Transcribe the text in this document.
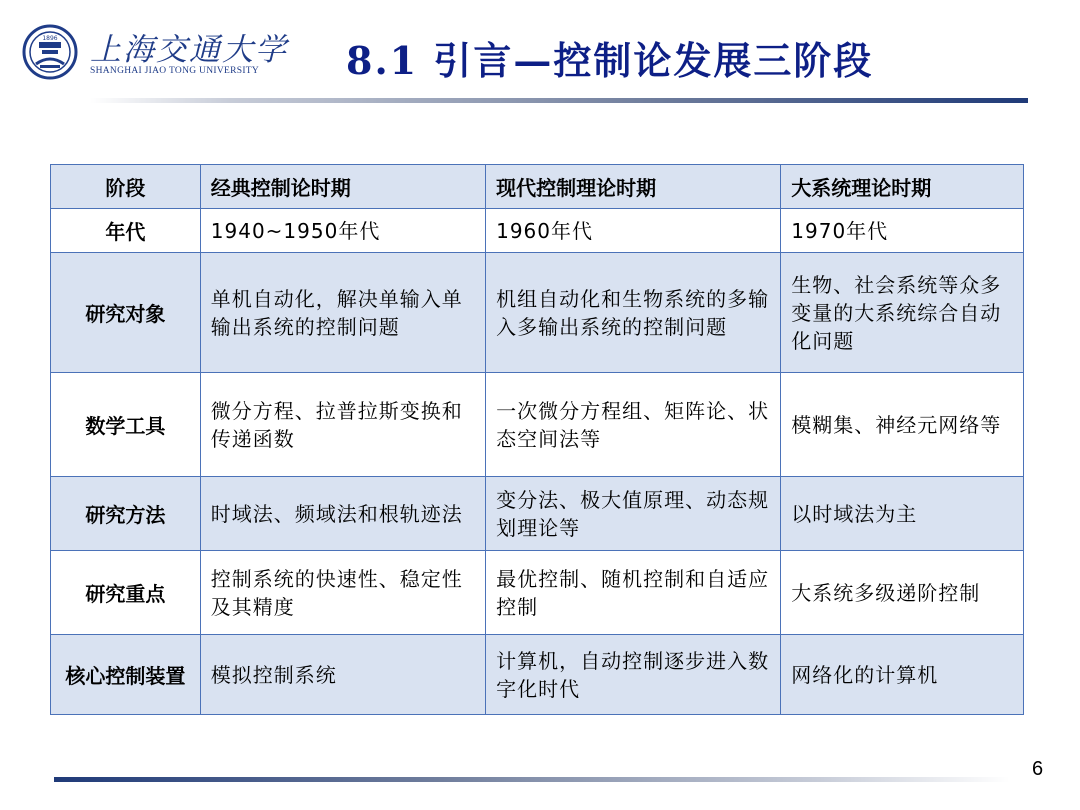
1896 上海交通大学
SHANGHAI JIAO TONG UNIVERSITY 8.1 引言—控制论发展三阶段
阶段	经典控制论时期	现代控制理论时期	大系统理论时期
年代	1940~1950年代	1960年代	1970年代
研究对象	单机自动化，解决单输入单输出系统的控制问题	机组自动化和生物系统的多输入多输出系统的控制问题	生物、社会系统等众多变量的大系统综合自动化问题
数学工具	微分方程、拉普拉斯变换和传递函数	一次微分方程组、矩阵论、状态空间法等	模糊集、神经元网络等
研究方法	时域法、频域法和根轨迹法	变分法、极大值原理、动态规划理论等	以时域法为主
研究重点	控制系统的快速性、稳定性及其精度	最优控制、随机控制和自适应控制	大系统多级递阶控制
核心控制装置	模拟控制系统	计算机，自动控制逐步进入数字化时代	网络化的计算机
6
